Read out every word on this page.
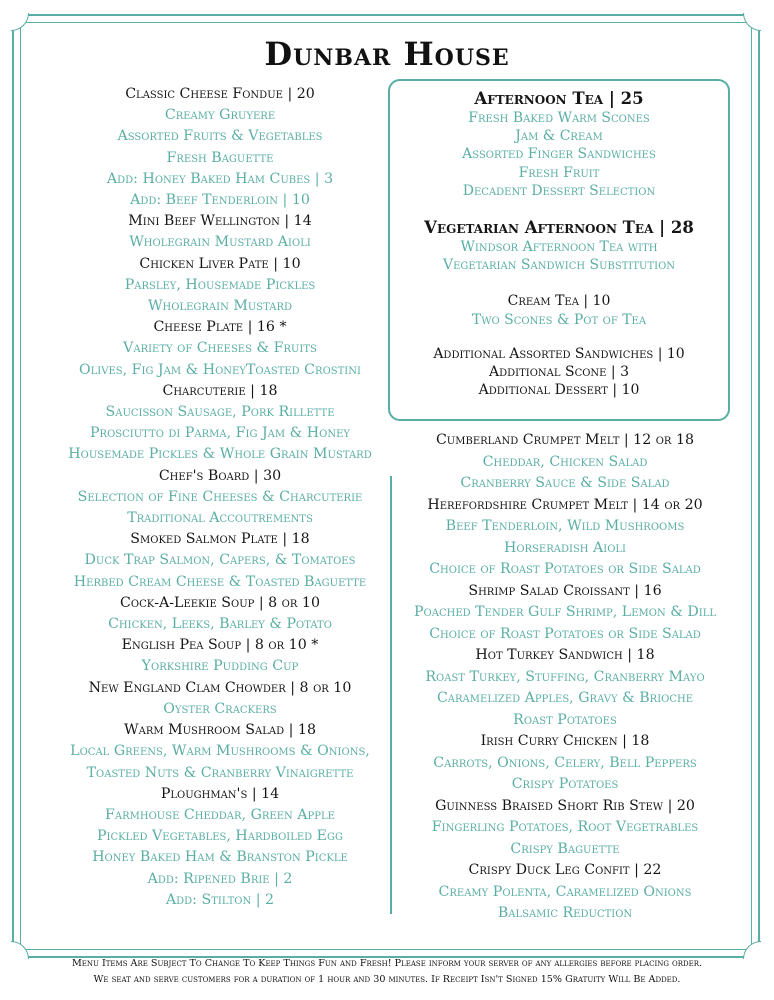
Dunbar House
Classic Cheese Fondue | 20
Creamy Gruyere
Assorted Fruits & Vegetables
Fresh Baguette
Add: Honey Baked Ham Cubes | 3
Add: Beef Tenderloin | 10
Mini Beef Wellington | 14
Wholegrain Mustard Aioli
Chicken Liver Pate | 10
Parsley, Housemade Pickles
Wholegrain Mustard
Cheese Plate | 16 *
Variety of Cheeses & Fruits
Olives, Fig Jam & HoneyToasted Crostini
Charcuterie | 18
Saucisson Sausage, Pork Rillette
Prosciutto di Parma, Fig Jam & Honey
Housemade Pickles & Whole Grain Mustard
Chef's Board | 30
Selection of Fine Cheeses & Charcuterie
Traditional Accoutrements
Smoked Salmon Plate | 18
Duck Trap Salmon, Capers, & Tomatoes
Herbed Cream Cheese & Toasted Baguette
Cock-A-Leekie Soup | 8 or 10
Chicken, Leeks, Barley & Potato
English Pea Soup | 8 or 10 *
Yorkshire Pudding Cup
New England Clam Chowder | 8 or 10
Oyster Crackers
Warm Mushroom Salad | 18
Local Greens, Warm Mushrooms & Onions,
Toasted Nuts & Cranberry Vinaigrette
Ploughman's | 14
Farmhouse Cheddar, Green Apple
Pickled Vegetables, Hardboiled Egg
Honey Baked Ham & Branston Pickle
Add: Ripened Brie | 2
Add: Stilton | 2
Afternoon Tea | 25
Fresh Baked Warm Scones
Jam & Cream
Assorted Finger Sandwiches
Fresh Fruit
Decadent Dessert Selection
Vegetarian Afternoon Tea | 28
Windsor Afternoon Tea with
Vegetarian Sandwich Substitution
Cream Tea | 10
Two Scones & Pot of Tea
Additional Assorted Sandwiches | 10
Additional Scone | 3
Additional Dessert | 10
Cumberland Crumpet Melt | 12 or 18
Cheddar, Chicken Salad
Cranberry Sauce & Side Salad
Herefordshire Crumpet Melt | 14 or 20
Beef Tenderloin, Wild Mushrooms
Horseradish Aioli
Choice of Roast Potatoes or Side Salad
Shrimp Salad Croissant | 16
Poached Tender Gulf Shrimp, Lemon & Dill
Choice of Roast Potatoes or Side Salad
Hot Turkey Sandwich | 18
Roast Turkey, Stuffing, Cranberry Mayo
Caramelized Apples, Gravy & Brioche
Roast Potatoes
Irish Curry Chicken | 18
Carrots, Onions, Celery, Bell Peppers
Crispy Potatoes
Guinness Braised Short Rib Stew | 20
Fingerling Potatoes, Root Vegetrables
Crispy Baguette
Crispy Duck Leg Confit | 22
Creamy Polenta, Caramelized Onions
Balsamic Reduction
Menu Items Are Subject To Change To Keep Things Fun and Fresh! Please inform your server of any allergies before placing order.
We seat and serve customers for a duration of 1 hour and 30 minutes. If Receipt Isn't Signed 15% Gratuity Will Be Added.
